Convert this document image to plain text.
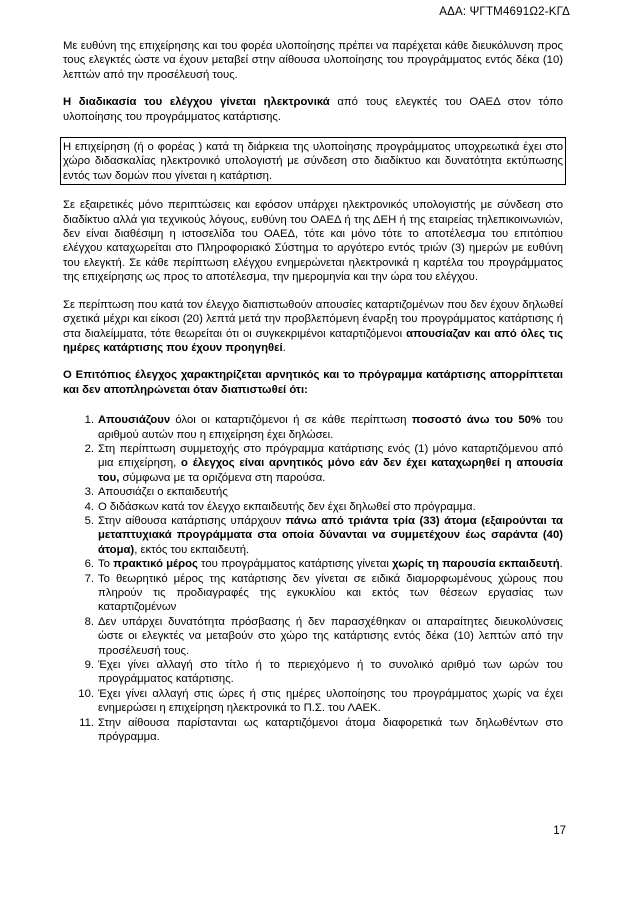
ΑΔΑ: ΨΓΤΜ4691Ω2-ΚΓΔ

Με ευθύνη της επιχείρησης και του φορέα υλοποίησης πρέπει να παρέχεται κάθε διευκόλυνση προς τους ελεγκτές ώστε να έχουν μεταβεί στην αίθουσα υλοποίησης του προγράμματος εντός δέκα (10) λεπτών από την προσέλευσή τους.

Η διαδικασία του ελέγχου γίνεται ηλεκτρονικά από τους ελεγκτές του ΟΑΕΔ στον τόπο υλοποίησης του προγράμματος κατάρτισης.

Η επιχείρηση (ή ο φορέας ) κατά τη διάρκεια της υλοποίησης προγράμματος υποχρεωτικά έχει στο χώρο διδασκαλίας ηλεκτρονικό υπολογιστή με σύνδεση στο διαδίκτυο και δυνατότητα εκτύπωσης εντός των δομών που γίνεται η κατάρτιση.

Σε εξαιρετικές μόνο περιπτώσεις και εφόσον υπάρχει ηλεκτρονικός υπολογιστής με σύνδεση στο διαδίκτυο αλλά για τεχνικούς λόγους, ευθύνη του ΟΑΕΔ ή της ΔΕΗ ή της εταιρείας τηλεπικοινωνιών, δεν είναι διαθέσιμη η ιστοσελίδα του ΟΑΕΔ, τότε και μόνο τότε το αποτέλεσμα του επιτόπιου ελέγχου καταχωρείται στο Πληροφοριακό Σύστημα το αργότερο εντός τριών (3) ημερών με ευθύνη του ελεγκτή. Σε κάθε περίπτωση ελέγχου ενημερώνεται ηλεκτρονικά η καρτέλα του προγράμματος της επιχείρησης ως προς το αποτέλεσμα, την ημερομηνία και την ώρα του ελέγχου.

Σε περίπτωση που κατά τον έλεγχο διαπιστωθούν απουσίες καταρτιζομένων που δεν έχουν δηλωθεί σχετικά μέχρι και είκοσι (20) λεπτά μετά την προβλεπόμενη έναρξη του προγράμματος κατάρτισης ή στα διαλείμματα, τότε θεωρείται ότι οι συγκεκριμένοι καταρτιζόμενοι απουσίαζαν και από όλες τις ημέρες κατάρτισης που έχουν προηγηθεί.

Ο Επιτόπιος έλεγχος χαρακτηρίζεται αρνητικός και το πρόγραμμα κατάρτισης απορρίπτεται και δεν αποπληρώνεται όταν διαπιστωθεί ότι:

1. Απουσιάζουν όλοι οι καταρτιζόμενοι ή σε κάθε περίπτωση ποσοστό άνω του 50% του αριθμού αυτών που η επιχείρηση έχει δηλώσει.
2. Στη περίπτωση συμμετοχής στο πρόγραμμα κατάρτισης ενός (1) μόνο καταρτιζόμενου από μια επιχείρηση, ο έλεγχος είναι αρνητικός μόνο εάν δεν έχει καταχωρηθεί η απουσία του, σύμφωνα με τα οριζόμενα στη παρούσα.
3. Απουσιάζει ο εκπαιδευτής
4. Ο διδάσκων κατά τον έλεγχο εκπαιδευτής δεν έχει δηλωθεί στο πρόγραμμα.
5. Στην αίθουσα κατάρτισης υπάρχουν πάνω από τριάντα τρία (33) άτομα (εξαιρούνται τα μεταπτυχιακά προγράμματα στα οποία δύνανται να συμμετέχουν έως σαράντα (40) άτομα), εκτός του εκπαιδευτή.
6. Το πρακτικό μέρος του προγράμματος κατάρτισης γίνεται χωρίς τη παρουσία εκπαιδευτή.
7. Το θεωρητικό μέρος της κατάρτισης δεν γίνεται σε ειδικά διαμορφωμένους χώρους που πληρούν τις προδιαγραφές της εγκυκλίου και εκτός των θέσεων εργασίας των καταρτιζομένων
8. Δεν υπάρχει δυνατότητα πρόσβασης ή δεν παρασχέθηκαν οι απαραίτητες διευκολύνσεις ώστε οι ελεγκτές να μεταβούν στο χώρο της κατάρτισης εντός δέκα (10) λεπτών από την προσέλευσή τους.
9. Έχει γίνει αλλαγή στο τίτλο ή το περιεχόμενο ή το συνολικό αριθμό των ωρών του προγράμματος κατάρτισης.
10. Έχει γίνει αλλαγή στις ώρες ή στις ημέρες υλοποίησης του προγράμματος χωρίς να έχει ενημερώσει η επιχείρηση ηλεκτρονικά το Π.Σ. του ΛΑΕΚ.
11. Στην αίθουσα παρίστανται ως καταρτιζόμενοι άτομα διαφορετικά των δηλωθέντων στο πρόγραμμα.
17
